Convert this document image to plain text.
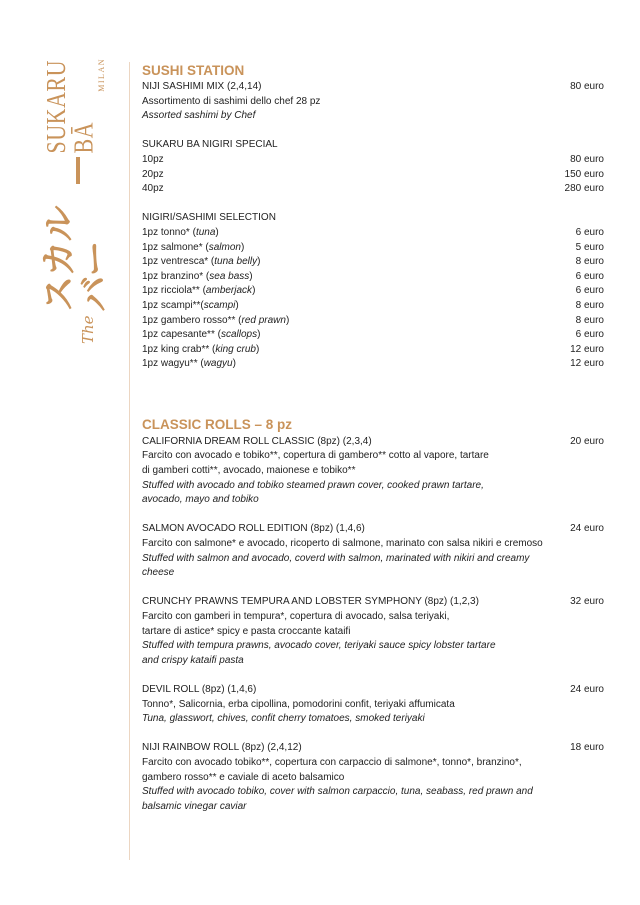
The
スカルバー
SUKARU BĀ
MILAN	SUSHI STATION
NIJI SASHIMI MIX (2,4,14)	80 euro
Assortimento di sashimi dello chef 28 pz
Assorted sashimi by Chef
SUKARU BA NIGIRI SPECIAL
10pz	80 euro
20pz	150 euro
40pz	280 euro
NIGIRI/SASHIMI SELECTION
1pz tonno* (tuna)	6 euro
1pz salmone* (salmon)	5 euro
1pz ventresca* (tuna belly)	8 euro
1pz branzino* (sea bass)	6 euro
1pz ricciola** (amberjack)	6 euro
1pz scampi**(scampi)	8 euro
1pz gambero rosso** (red prawn)	8 euro
1pz capesante** (scallops)	6 euro
1pz king crab** (king crub)	12 euro
1pz wagyu** (wagyu)	12 euro
CLASSIC ROLLS – 8 pz
CALIFORNIA DREAM ROLL CLASSIC (8pz) (2,3,4)	20 euro
Farcito con avocado e tobiko**, copertura di gambero** cotto al vapore, tartare
di gamberi cotti**, avocado, maionese e tobiko**
Stuffed with avocado and tobiko steamed prawn cover, cooked prawn tartare,
avocado, mayo and tobiko
SALMON AVOCADO ROLL EDITION (8pz) (1,4,6)	24 euro
Farcito con salmone* e avocado, ricoperto di salmone, marinato con salsa nikiri e cremoso
Stuffed with salmon and avocado, coverd with salmon, marinated with nikiri and creamy
cheese
CRUNCHY PRAWNS TEMPURA AND LOBSTER SYMPHONY (8pz) (1,2,3)	32 euro
Farcito con gamberi in tempura*, copertura di avocado, salsa teriyaki,
tartare di astice* spicy e pasta croccante kataifi
Stuffed with tempura prawns, avocado cover, teriyaki sauce spicy lobster tartare
and crispy kataifi pasta
DEVIL ROLL (8pz) (1,4,6)	24 euro
Tonno*, Salicornia, erba cipollina, pomodorini confit, teriyaki affumicata
Tuna, glasswort, chives, confit cherry tomatoes, smoked teriyaki
NIJI RAINBOW ROLL (8pz) (2,4,12)	18 euro
Farcito con avocado tobiko**, copertura con carpaccio di salmone*, tonno*, branzino*,
gambero rosso** e caviale di aceto balsamico
Stuffed with avocado tobiko, cover with salmon carpaccio, tuna, seabass, red prawn and
balsamic vinegar caviar
